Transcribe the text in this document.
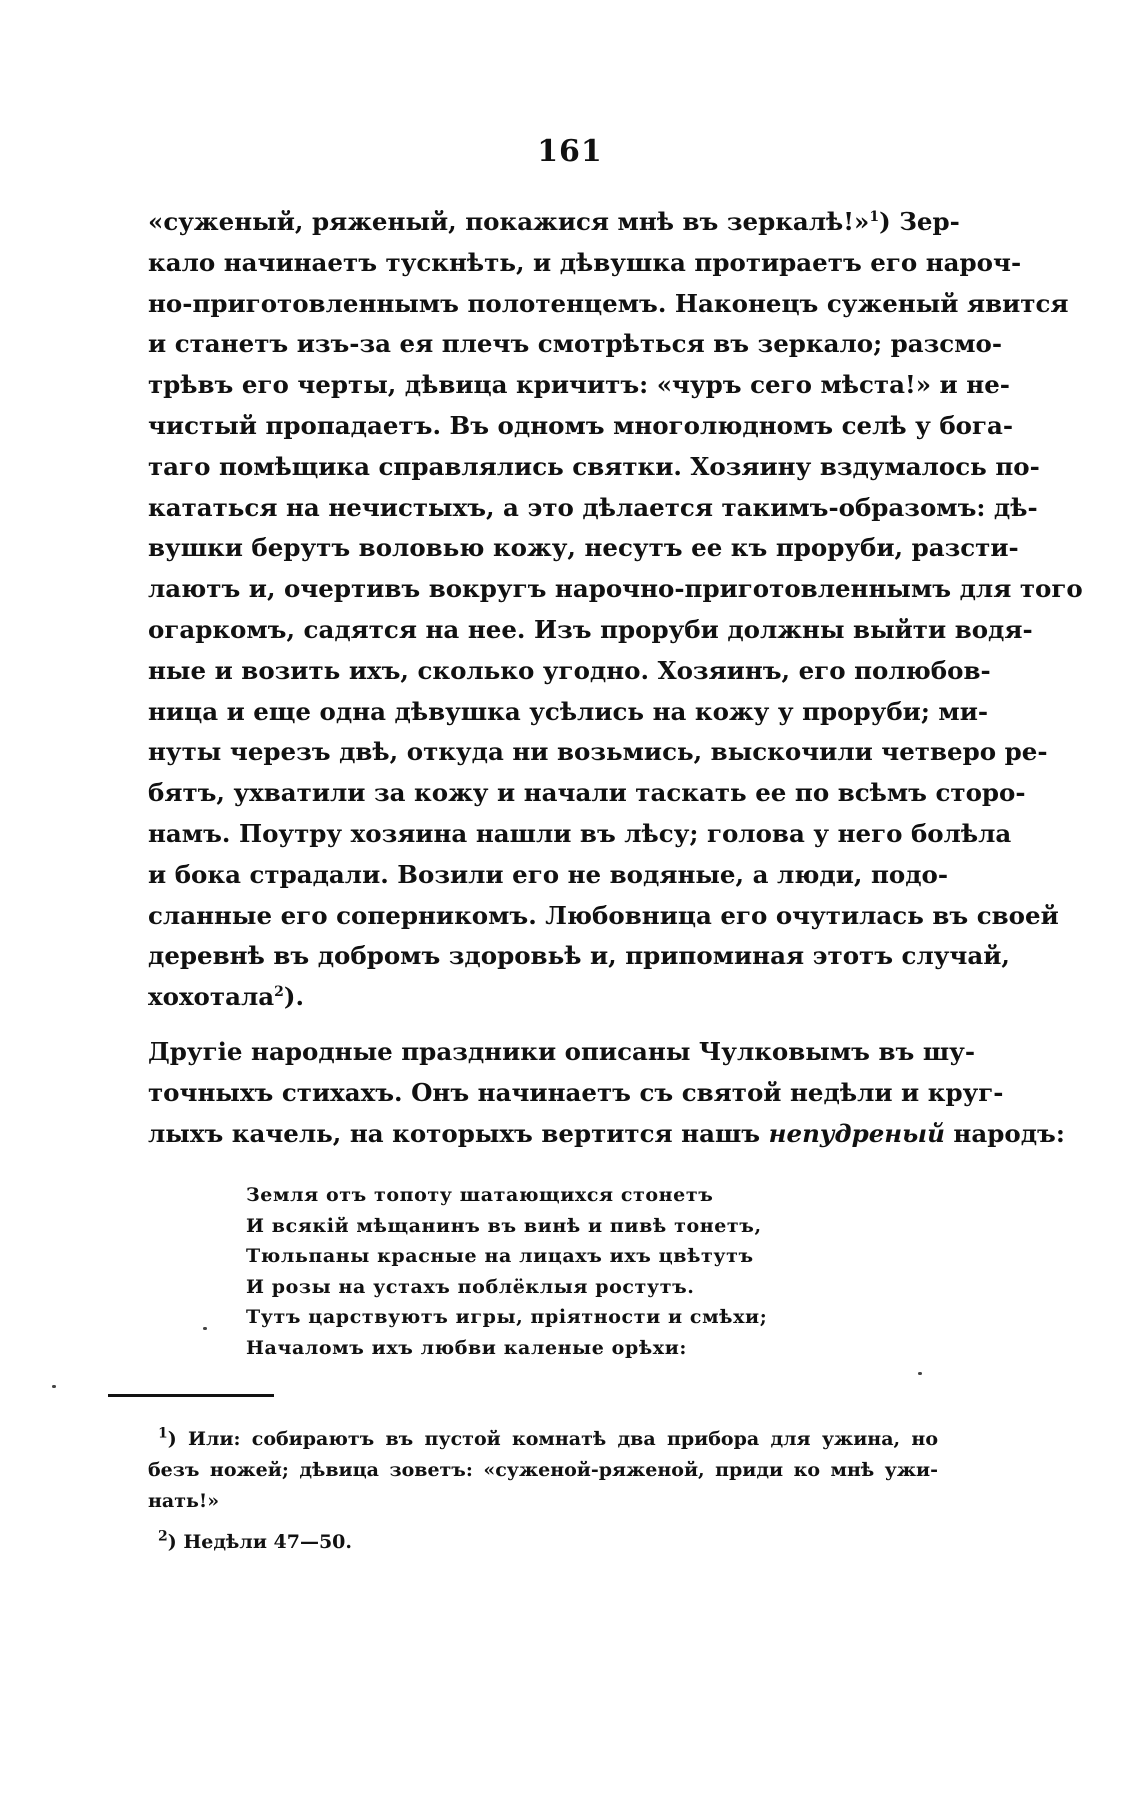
161
«суженый, ряженый, покажися мнѣ въ зеркалѣ!»$^1$) Зер-
кало начинаетъ тускнѣть, и дѣвушка протираетъ его нароч-
но-приготовленнымъ полотенцемъ. Наконецъ суженый явится
и станетъ изъ-за ея плечъ смотрѣться въ зеркало; разсмо-
трѣвъ его черты, дѣвица кричитъ: «чуръ сего мѣста!» и не-
чистый пропадаетъ. Въ одномъ многолюдномъ селѣ у бога-
таго помѣщика справлялись святки. Хозяину вздумалось по-
кататься на нечистыхъ, а это дѣлается такимъ-образомъ: дѣ-
вушки берутъ воловью кожу, несутъ ее къ проруби, разсти-
лаютъ и, очертивъ вокругъ нарочно-приготовленнымъ для того
огаркомъ, садятся на нее. Изъ проруби должны выйти водя-
ные и возить ихъ, сколько угодно. Хозяинъ, его полюбов-
ница и еще одна дѣвушка усѣлись на кожу у проруби; ми-
нуты черезъ двѣ, откуда ни возьмись, выскочили четверо ре-
бятъ, ухватили за кожу и начали таскать ее по всѣмъ сторо-
намъ. Поутру хозяина нашли въ лѣсу; голова у него болѣла
и бока страдали. Возили его не водяные, а люди, подо-
сланные его соперникомъ. Любовница его очутилась въ своей
деревнѣ въ добромъ здоровьѣ и, припоминая этотъ случай,
хохотала$^2$).
Другіе народные праздники описаны Чулковымъ въ шу-
точныхъ стихахъ. Онъ начинаетъ съ святой недѣли и круг-
лыхъ качель, на которыхъ вертится нашъ непудреный народъ:
Земля отъ топоту шатающихся стонетъ
И всякій мѣщанинъ въ винѣ и пивѣ тонетъ,
Тюльпаны красные на лицахъ ихъ цвѣтутъ
И розы на устахъ поблёклыя ростутъ.
Тутъ царствуютъ игры, пріятности и смѣхи;
Началомъ ихъ любви каленые орѣхи:
$^1$) Или: собираютъ въ пустой комнатѣ два прибора для ужина, но
безъ ножей; дѣвица зоветъ: «суженой-ряженой, приди ко мнѣ ужи-
нать!»
$^2$) Недѣли 47—50.
